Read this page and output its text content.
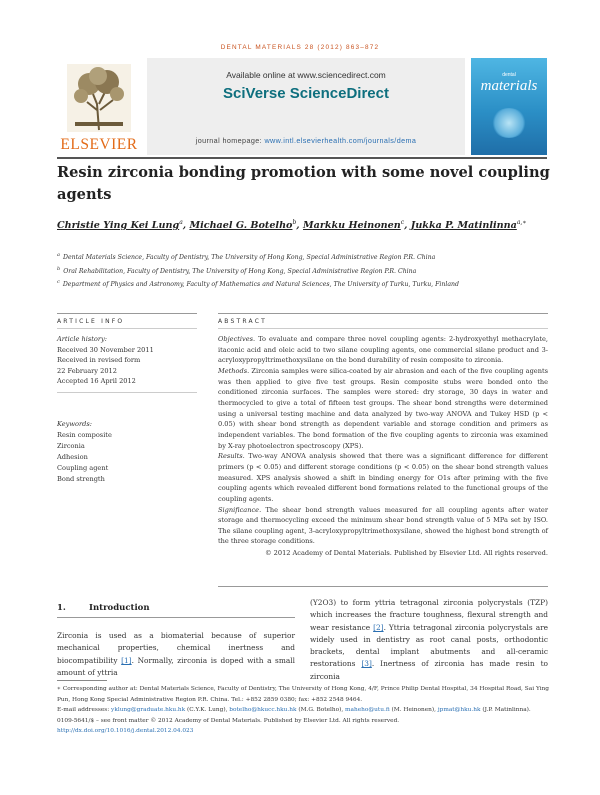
DENTAL MATERIALS 28 (2012) 863–872
ELSEVIER
Available online at www.sciencedirect.com
SciVerse ScienceDirect
journal homepage: www.intl.elsevierhealth.com/journals/dema
dental
materials
Resin zirconia bonding promotion with some novel coupling agents
Christie Ying Kei Lung$^a$, Michael G. Botelho$^b$, Markku Heinonen$^c$, Jukka P. Matinlinna$^{a,∗}$
$^a$ Dental Materials Science, Faculty of Dentistry, The University of Hong Kong, Special Administrative Region P.R. China
$^b$ Oral Rehabilitation, Faculty of Dentistry, The University of Hong Kong, Special Administrative Region P.R. China
$^c$ Department of Physics and Astronomy, Faculty of Mathematics and Natural Sciences, The University of Turku, Turku, Finland
ARTICLE INFO	ABSTRACT
Article history:
Received 30 November 2011
Received in revised form
22 February 2012
Accepted 16 April 2012
Keywords:
Resin composite
Zirconia
Adhesion
Coupling agent
Bond strength

Objectives. To evaluate and compare three novel coupling agents: 2-hydroxyethyl methacrylate, itaconic acid and oleic acid to two silane coupling agents, one commercial silane product and 3-acryloxypropyltrimethoxysilane on the bond durability of resin composite to zirconia.

Methods. Zirconia samples were silica-coated by air abrasion and each of the five coupling agents was then applied to give five test groups. Resin composite stubs were bonded onto the conditioned zirconia surfaces. The samples were stored: dry storage, 30 days in water and thermocycled to give a total of fifteen test groups. The shear bond strengths were determined using a universal testing machine and data analyzed by two-way ANOVA and Tukey HSD (p < 0.05) with shear bond strength as dependent variable and storage condition and primers as independent variables. The bond formation of the five coupling agents to zirconia was examined by X-ray photoelectron spectroscopy (XPS).

Results. Two-way ANOVA analysis showed that there was a significant difference for different primers (p < 0.05) and different storage conditions (p < 0.05) on the shear bond strength values measured. XPS analysis showed a shift in binding energy for O1s after priming with the five coupling agents which revealed different bond formations related to the functional groups of the coupling agents.

Significance. The shear bond strength values measured for all coupling agents after water storage and thermocycling exceed the minimum shear bond strength value of 5 MPa set by ISO. The silane coupling agent, 3-acryloxypropyltrimethoxysilane, showed the highest bond strength of the three storage conditions.

© 2012 Academy of Dental Materials. Published by Elsevier Ltd. All rights reserved.

1.	Introduction
Zirconia is used as a biomaterial because of superior mechanical properties, chemical inertness and biocompatibility [1]. Normally, zirconia is doped with a small amount of yttria
(Y2O3) to form yttria tetragonal zirconia polycrystals (TZP) which increases the fracture toughness, flexural strength and wear resistance [2]. Yttria tetragonal zirconia polycrystals are widely used in dentistry as root canal posts, orthodontic brackets, dental implant abutments and all-ceramic restorations [3]. Inertness of zirconia has made resin to zirconia
∗ Corresponding author at: Dental Materials Science, Faculty of Dentistry, The University of Hong Kong, 4/F, Prince Philip Dental Hospital, 34 Hospital Road, Sai Ying Pun, Hong Kong Special Administrative Region P.R. China. Tel.: +852 2859 0380; fax: +852 2548 9464.
E-mail addresses: yklung@graduate.hku.hk (C.Y.K. Lung), botelho@hkucc.hku.hk (M.G. Botelho), maheho@utu.fi (M. Heinonen), jpmat@hku.hk (J.P. Matinlinna).
0109-5641/$ – see front matter © 2012 Academy of Dental Materials. Published by Elsevier Ltd. All rights reserved.
http://dx.doi.org/10.1016/j.dental.2012.04.023
